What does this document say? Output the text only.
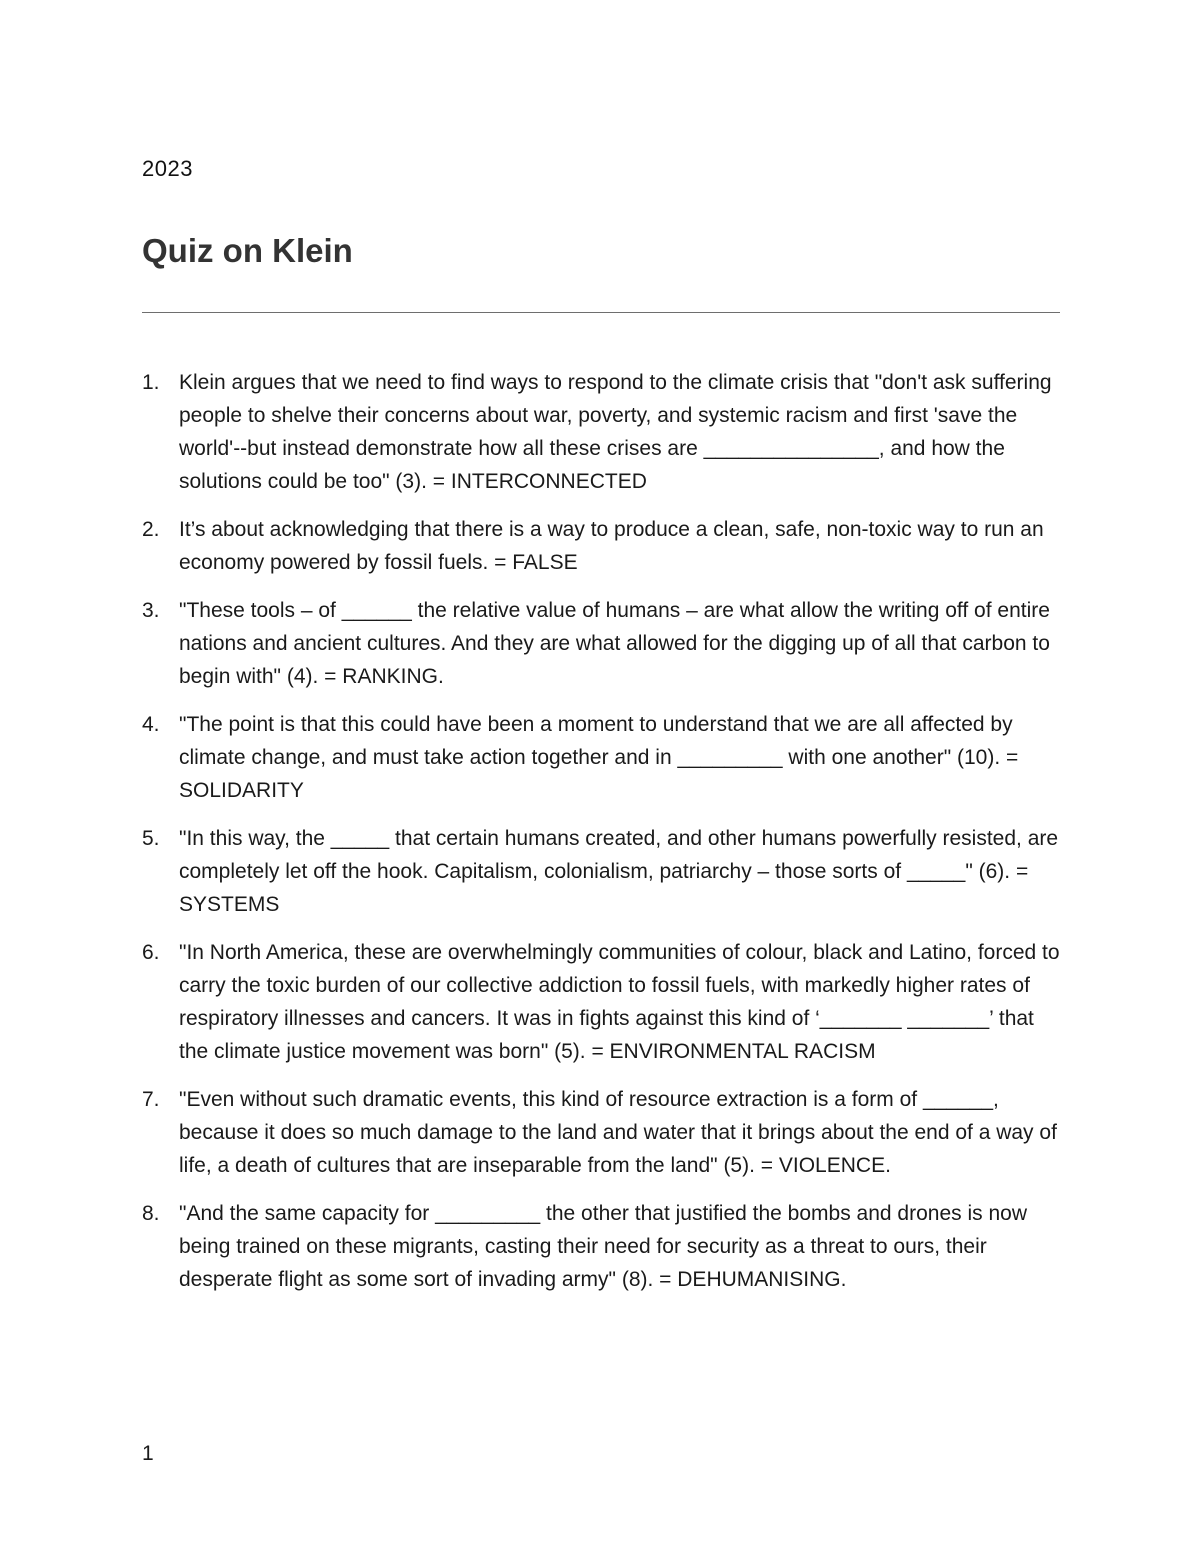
2023
Quiz on Klein
1. Klein argues that we need to find ways to respond to the climate crisis that "don't ask suffering people to shelve their concerns about war, poverty, and systemic racism and first 'save the world'--but instead demonstrate how all these crises are _______________, and how the solutions could be too" (3). = INTERCONNECTED
2. It’s about acknowledging that there is a way to produce a clean, safe, non-toxic way to run an economy powered by fossil fuels. = FALSE
3. "These tools – of ______ the relative value of humans – are what allow the writing off of entire nations and ancient cultures. And they are what allowed for the digging up of all that carbon to begin with" (4). = RANKING.
4. "The point is that this could have been a moment to understand that we are all affected by climate change, and must take action together and in _________ with one another" (10). = SOLIDARITY
5. "In this way, the _____ that certain humans created, and other humans powerfully resisted, are completely let off the hook. Capitalism, colonialism, patriarchy – those sorts of _____" (6). = SYSTEMS
6. "In North America, these are overwhelmingly communities of colour, black and Latino, forced to carry the toxic burden of our collective addiction to fossil fuels, with markedly higher rates of respiratory illnesses and cancers. It was in fights against this kind of ‘_______ _______’ that the climate justice movement was born" (5). = ENVIRONMENTAL RACISM
7. "Even without such dramatic events, this kind of resource extraction is a form of ______, because it does so much damage to the land and water that it brings about the end of a way of life, a death of cultures that are inseparable from the land" (5). = VIOLENCE.
8. "And the same capacity for _________ the other that justified the bombs and drones is now being trained on these migrants, casting their need for security as a threat to ours, their desperate flight as some sort of invading army" (8). = DEHUMANISING.
1
